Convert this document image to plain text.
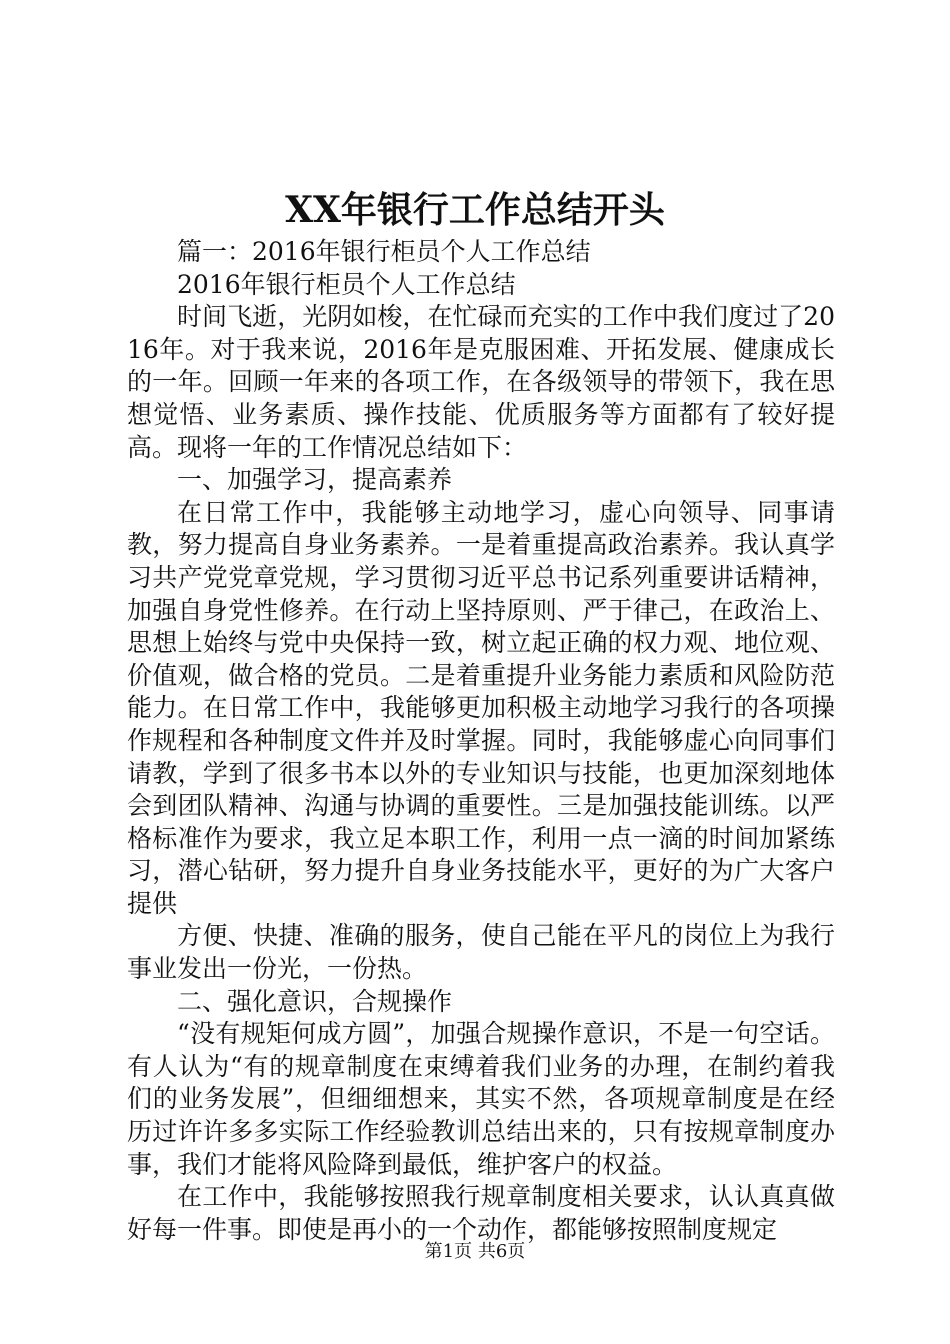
XX年银行工作总结开头

篇一：2016年银行柜员个人工作总结

2016年银行柜员个人工作总结

时间飞逝，光阴如梭，在忙碌而充实的工作中我们度过了2016年。对于我来说，2016年是克服困难、开拓发展、健康成长的一年。回顾一年来的各项工作，在各级领导的带领下，我在思想觉悟、业务素质、操作技能、优质服务等方面都有了较好提高。现将一年的工作情况总结如下：

一、加强学习，提高素养

在日常工作中，我能够主动地学习，虚心向领导、同事请教，努力提高自身业务素养。一是着重提高政治素养。我认真学习共产党党章党规，学习贯彻习近平总书记系列重要讲话精神，加强自身党性修养。在行动上坚持原则、严于律己，在政治上、思想上始终与党中央保持一致，树立起正确的权力观、地位观、价值观，做合格的党员。二是着重提升业务能力素质和风险防范能力。在日常工作中，我能够更加积极主动地学习我行的各项操作规程和各种制度文件并及时掌握。同时，我能够虚心向同事们请教，学到了很多书本以外的专业知识与技能，也更加深刻地体会到团队精神、沟通与协调的重要性。三是加强技能训练。以严格标准作为要求，我立足本职工作，利用一点一滴的时间加紧练习，潜心钻研，努力提升自身业务技能水平，更好的为广大客户提供

方便、快捷、准确的服务，使自己能在平凡的岗位上为我行事业发出一份光，一份热。

二、强化意识，合规操作

“没有规矩何成方圆”，加强合规操作意识，不是一句空话。有人认为“有的规章制度在束缚着我们业务的办理，在制约着我们的业务发展”，但细细想来，其实不然，各项规章制度是在经历过许许多多实际工作经验教训总结出来的，只有按规章制度办事，我们才能将风险降到最低，维护客户的权益。

在工作中，我能够按照我行规章制度相关要求，认认真真做好每一件事。即使是再小的一个动作，都能够按照制度规定

第1页 共6页
